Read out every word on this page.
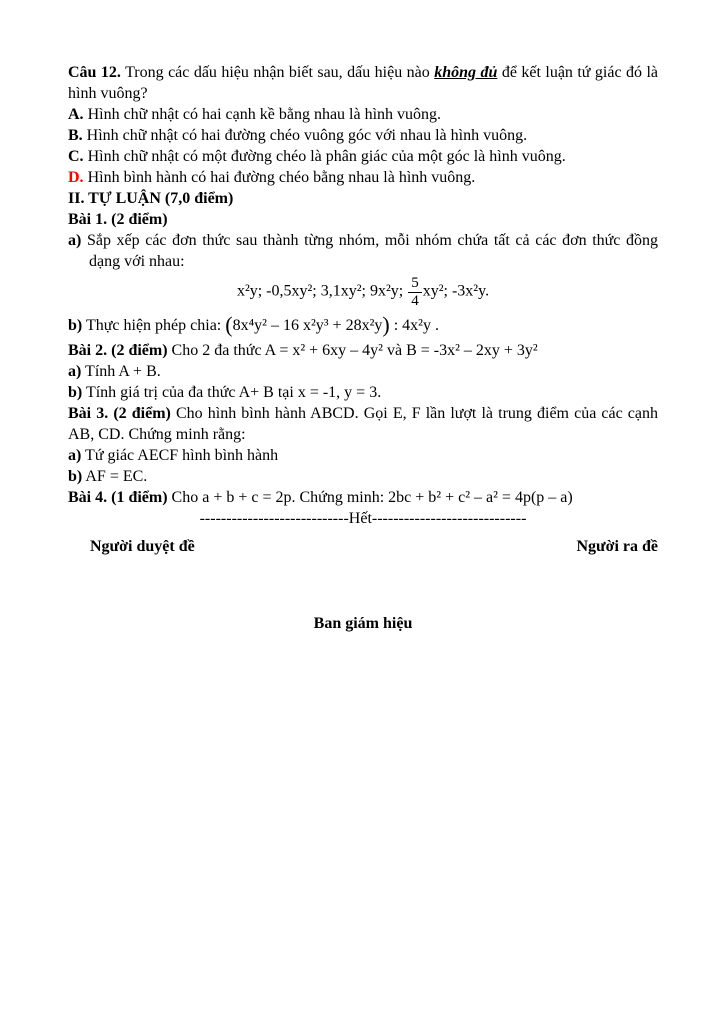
Câu 12. Trong các dấu hiệu nhận biết sau, dấu hiệu nào không đủ để kết luận tứ giác đó là hình vuông?

A. Hình chữ nhật có hai cạnh kề bằng nhau là hình vuông.

B. Hình chữ nhật có hai đường chéo vuông góc với nhau là hình vuông.

C. Hình chữ nhật có một đường chéo là phân giác của một góc là hình vuông.

D. Hình bình hành có hai đường chéo bằng nhau là hình vuông.

II. TỰ LUẬN (7,0 điểm)

Bài 1. (2 điểm)

a) Sắp xếp các đơn thức sau thành từng nhóm, mỗi nhóm chứa tất cả các đơn thức đồng dạng với nhau:

x²y; -0,5xy²; 3,1xy²; 9x²y; $\frac{5}{4} xy^2$; -3x²y.

b) Thực hiện phép chia: (8x⁴y² – 16 x²y³ + 28x²y) : 4x²y .

Bài 2. (2 điểm) Cho 2 đa thức A = x² + 6xy – 4y² và B = -3x² – 2xy + 3y²

a) Tính A + B.

b) Tính giá trị của đa thức A+ B tại x = -1, y = 3.

Bài 3. (2 điểm) Cho hình bình hành ABCD. Gọi E, F lần lượt là trung điểm của các cạnh AB, CD. Chứng minh rằng:

a) Tứ giác AECF hình bình hành

b) AF = EC.

Bài 4. (1 điểm) Cho a + b + c = 2p. Chứng minh: 2bc + b² + c² – a² = 4p(p – a)

----------------------------Hết-----------------------------

Người duyệt đề	Người ra đề

Ban giám hiệu
